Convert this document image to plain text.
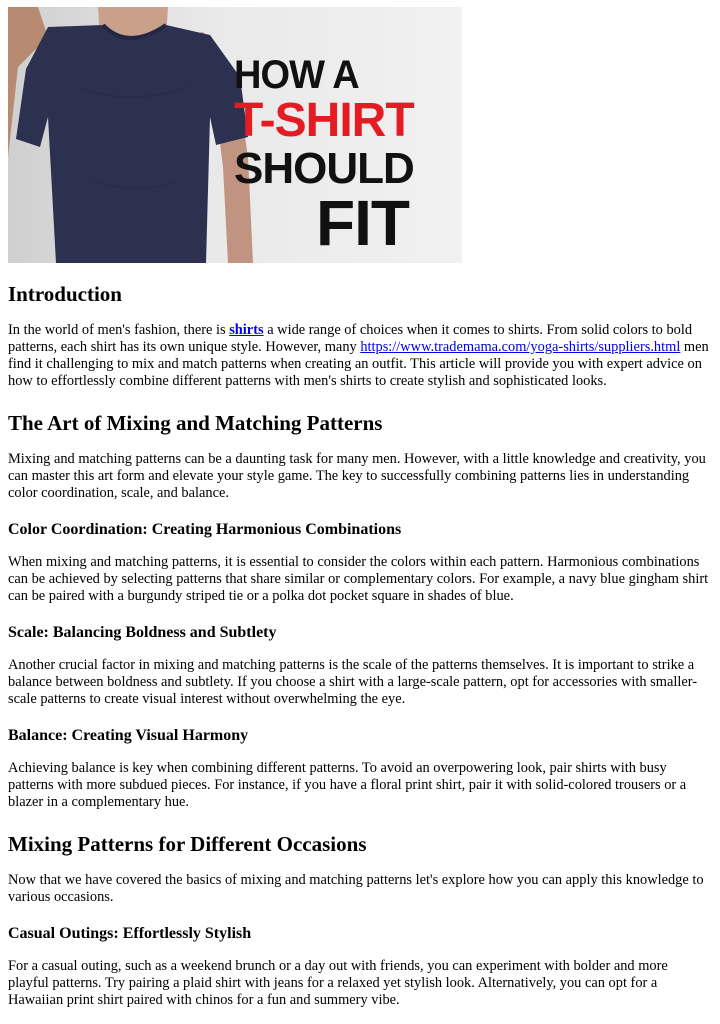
HOW A
T-SHIRT
SHOULD
FIT
Introduction

In the world of men's fashion, there is shirts a wide range of choices when it comes to shirts. From solid colors to bold patterns, each shirt has its own unique style. However, many https://www.trademama.com/yoga-shirts/suppliers.html men find it challenging to mix and match patterns when creating an outfit. This article will provide you with expert advice on how to effortlessly combine different patterns with men's shirts to create stylish and sophisticated looks.

The Art of Mixing and Matching Patterns

Mixing and matching patterns can be a daunting task for many men. However, with a little knowledge and creativity, you can master this art form and elevate your style game. The key to successfully combining patterns lies in understanding color coordination, scale, and balance.

Color Coordination: Creating Harmonious Combinations

When mixing and matching patterns, it is essential to consider the colors within each pattern. Harmonious combinations can be achieved by selecting patterns that share similar or complementary colors. For example, a navy blue gingham shirt can be paired with a burgundy striped tie or a polka dot pocket square in shades of blue.

Scale: Balancing Boldness and Subtlety

Another crucial factor in mixing and matching patterns is the scale of the patterns themselves. It is important to strike a balance between boldness and subtlety. If you choose a shirt with a large-scale pattern, opt for accessories with smaller-scale patterns to create visual interest without overwhelming the eye.

Balance: Creating Visual Harmony

Achieving balance is key when combining different patterns. To avoid an overpowering look, pair shirts with busy patterns with more subdued pieces. For instance, if you have a floral print shirt, pair it with solid-colored trousers or a blazer in a complementary hue.

Mixing Patterns for Different Occasions

Now that we have covered the basics of mixing and matching patterns let's explore how you can apply this knowledge to various occasions.

Casual Outings: Effortlessly Stylish

For a casual outing, such as a weekend brunch or a day out with friends, you can experiment with bolder and more playful patterns. Try pairing a plaid shirt with jeans for a relaxed yet stylish look. Alternatively, you can opt for a Hawaiian print shirt paired with chinos for a fun and summery vibe.
